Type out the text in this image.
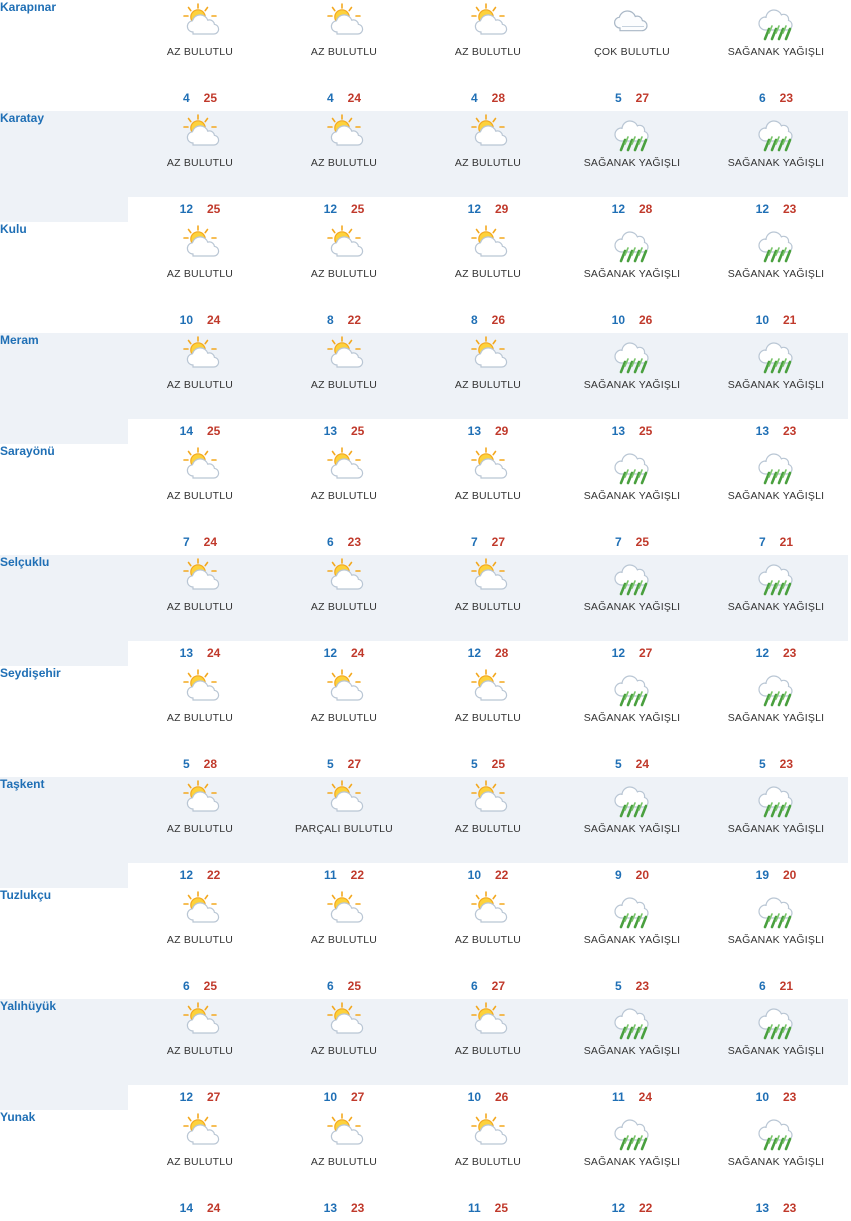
Karapınar	AZ BULUTLU	AZ BULUTLU	AZ BULUTLU	ÇOK BULUTLU	SAĞANAK YAĞIŞLI

	4 25	4 24	4 28	5 27	6 23

Karatay	AZ BULUTLU	AZ BULUTLU	AZ BULUTLU	SAĞANAK YAĞIŞLI	SAĞANAK YAĞIŞLI

	12 25	12 25	12 29	12 28	12 23

Kulu	AZ BULUTLU	AZ BULUTLU	AZ BULUTLU	SAĞANAK YAĞIŞLI	SAĞANAK YAĞIŞLI

	10 24	8 22	8 26	10 26	10 21

Meram	AZ BULUTLU	AZ BULUTLU	AZ BULUTLU	SAĞANAK YAĞIŞLI	SAĞANAK YAĞIŞLI

	14 25	13 25	13 29	13 25	13 23

Sarayönü	AZ BULUTLU	AZ BULUTLU	AZ BULUTLU	SAĞANAK YAĞIŞLI	SAĞANAK YAĞIŞLI

	7 24	6 23	7 27	7 25	7 21

Selçuklu	AZ BULUTLU	AZ BULUTLU	AZ BULUTLU	SAĞANAK YAĞIŞLI	SAĞANAK YAĞIŞLI

	13 24	12 24	12 28	12 27	12 23

Seydişehir	AZ BULUTLU	AZ BULUTLU	AZ BULUTLU	SAĞANAK YAĞIŞLI	SAĞANAK YAĞIŞLI

	5 28	5 27	5 25	5 24	5 23

Taşkent	AZ BULUTLU	PARÇALI BULUTLU	AZ BULUTLU	SAĞANAK YAĞIŞLI	SAĞANAK YAĞIŞLI

	12 22	11 22	10 22	9 20	19 20

Tuzlukçu	AZ BULUTLU	AZ BULUTLU	AZ BULUTLU	SAĞANAK YAĞIŞLI	SAĞANAK YAĞIŞLI

	6 25	6 25	6 27	5 23	6 21

Yalıhüyük	AZ BULUTLU	AZ BULUTLU	AZ BULUTLU	SAĞANAK YAĞIŞLI	SAĞANAK YAĞIŞLI

	12 27	10 27	10 26	11 24	10 23

Yunak	AZ BULUTLU	AZ BULUTLU	AZ BULUTLU	SAĞANAK YAĞIŞLI	SAĞANAK YAĞIŞLI

	14 24	13 23	11 25	12 22	13 23
